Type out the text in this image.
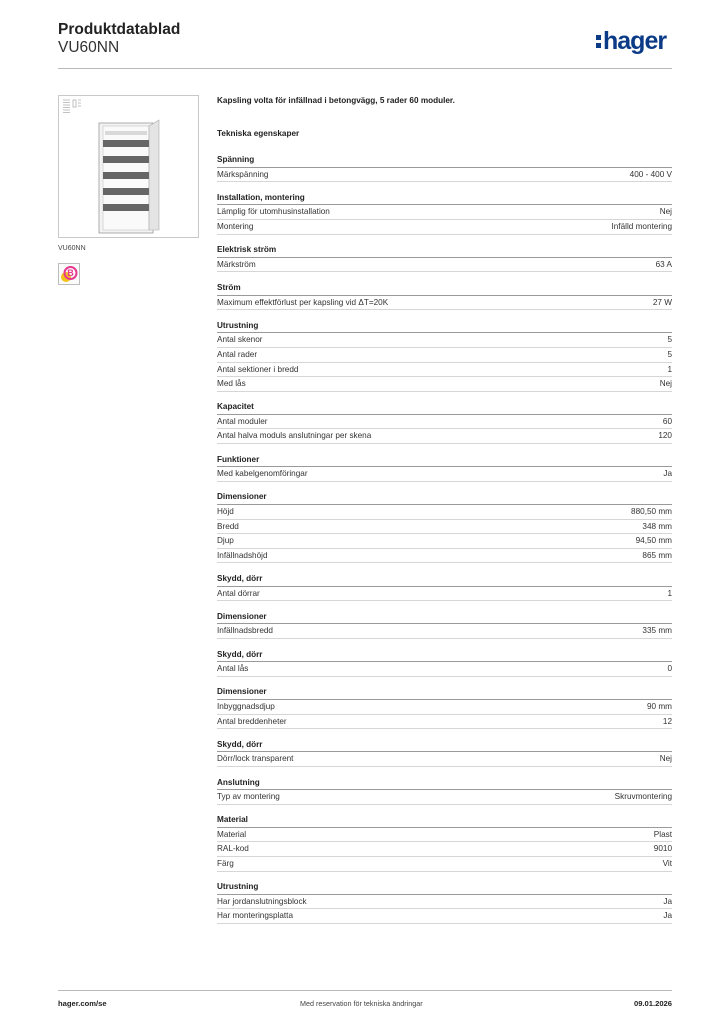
Produktdatablad
VU60NN	hager
VU60NN
B
Kapsling volta för infällnad i betongvägg, 5 rader 60 moduler.
Tekniska egenskaper
Spänning
Märkspänning	400 - 400 V
Installation, montering
Lämplig för utomhusinstallation	Nej
Montering	Infälld montering
Elektrisk ström
Märkström	63 A
Ström
Maximum effektförlust per kapsling vid ΔT=20K	27 W
Utrustning
Antal skenor	5
Antal rader	5
Antal sektioner i bredd	1
Med lås	Nej
Kapacitet
Antal moduler	60
Antal halva moduls anslutningar per skena	120
Funktioner
Med kabelgenomföringar	Ja
Dimensioner
Höjd	880,50 mm
Bredd	348 mm
Djup	94,50 mm
Infällnadshöjd	865 mm
Skydd, dörr
Antal dörrar	1
Dimensioner
Infällnadsbredd	335 mm
Skydd, dörr
Antal lås	0
Dimensioner
Inbyggnadsdjup	90 mm
Antal breddenheter	12
Skydd, dörr
Dörr/lock transparent	Nej
Anslutning
Typ av montering	Skruvmontering
Material
Material	Plast
RAL-kod	9010
Färg	Vit
Utrustning
Har jordanslutningsblock	Ja
Har monteringsplatta	Ja
hager.com/se	Med reservation för tekniska ändringar	09.01.2026
